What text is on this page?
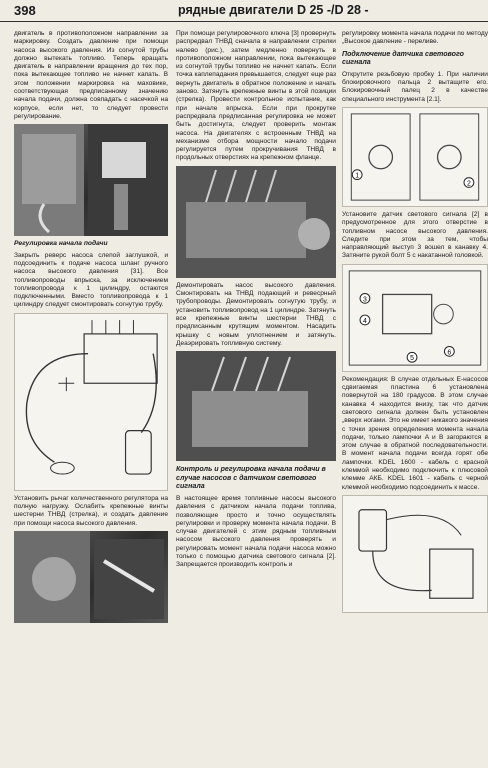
398	рядные двигатели D 25 -/D 28 -

двигатель в противоположном направлении за маркировку. Создать давление при помощи насоса высокого давления. Из согнутой трубы должно вытекать топливо. Теперь вращать двигатель в направлении вращения до тех пор, пока вытекающее топливо не начнет капать. В этом положении маркировка на маховике, соответствующая предписанному значению начала подачи, должна совпадать с насечкой на корпусе, если нет, то следует провести регулирование.

Регулировка начала подачи

Закрыть реверс насоса слепой заглушкой, и подсоединить к подаче насоса шланг ручного насоса высокого давления [31]. Все топливопроводы впрыска, за исключением топливопровода к 1 цилиндру, остаются подключенными. Вместо топливопровода к 1 цилиндру следует смонтировать согнутую трубу.

Установить рычаг количественного регулятора на полную нагрузку. Ослабить крепежные винты шестерни ТНВД (стрелка), и создать давление при помощи насоса высокого давления.

При помощи регулировочного ключа [3] провернуть распредвал ТНВД сначала в направлении стрелки налево (рис.), затем медленно повернуть в противоположном направлении, пока вытекающее из согнутой трубы топливо не начнет капать. Если точка каплепадания превышается, следует еще раз вернуть двигатель в обратное положение и начать заново. Затянуть крепежные винты в этой позиции (стрелка). Провести контрольное испытание, как при начале впрыска. Если при прокрутке распредвала предписанная регулировка не может быть достигнута, следует проверить монтаж насоса. На двигателях с встроенным ТНВД на механизме отбора мощности начало подачи регулируется путем прокручивания ТНВД в продольных отверстиях на крепежном фланце.

Демонтировать насос высокого давления. Смонтировать на ТНВД подающий и ревесрный трубопроводы. Демонтировать согнутую трубу, и установить топливопровод на 1 цилиндре. Затянуть все крепежные винты шестерни ТНВД с предписанным крутящим моментом. Насадить крышку с новым уплотнением и затянуть. Деаэрировать топливную систему.

Контроль и регулировка начала подачи в случае насосов с датчиком светового сигнала

В настоящее время топливные насосы высокого давления с датчиком начала подачи топлива, позволяющие просто и точно осуществлять регулировки и проверку момента начала подачи. В случае двигателей с этим рядным топливным насосом высокого давления проверять и регулировать момент начала подачи насоса можно только с помощью датчика светового сигнала [2]. Запрещается производить контроль и

регулировку момента начала подачи по методу „Высокое давление - переливе.

Подключение датчика светового сигнала

Открутите резьбовую пробку 1. При наличии блокировочного пальца 2 вытащите его. Блокировочный палец 2 в качестве специального инструмента [2.1].

1
2

Установите датчик светового сигнала [2] в предусмотренное для этого отверстие в топливном насосе высокого давления. Следите при этом за тем, чтобы направляющий выступ 3 вошел в канавку 4. Затяните рукой болт 5 с накатанной головкой.

3
4
5
6

Рекомендация: В случае отдельных E-насосов сдвигаемая пластина 6 установлена повернутой на 180 градусов. В этом случае канавка 4 находится внизу, так что датчик светового сигнала должен быть установлен „вверх ногами. Это не имеет никакого значения с точки зрения определения момента начала подачи, только лампочки A и B загораются в этом случае в обратной последовательности. В момент начала подачи всегда горят обе лампочки. KDEL 1600 - кабель с красной клеммой необходимо подключить к плюсовой клемме АКБ. KDEL 1601 - кабель с черной клеммой необходимо подсоединить к массе.
